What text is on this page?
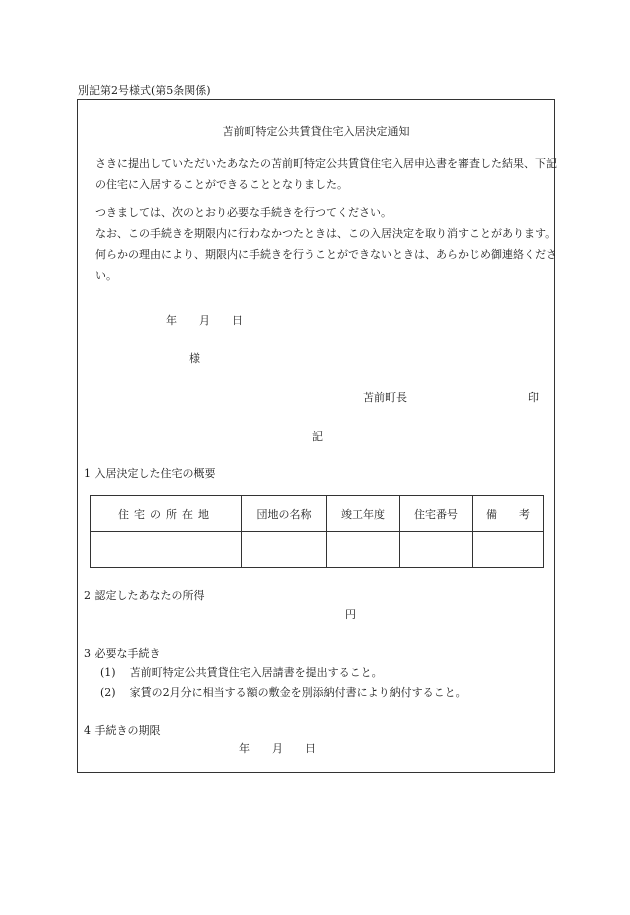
別記第2号様式(第5条関係)
苫前町特定公共賃貸住宅入居決定通知
さきに提出していただいたあなたの苫前町特定公共賃貸住宅入居申込書を審査した結果、下記の住宅に入居することができることとなりました。
つきましては、次のとおり必要な手続きを行つてください。
なお、この手続きを期限内に行わなかつたときは、この入居決定を取り消すことがあります。何らかの理由により、期限内に手続きを行うことができないときは、あらかじめ御連絡ください。
年 月 日
様
苫前町長	印
記
1 入居決定した住宅の概要
住宅の所在地	団地の名称	竣工年度	住宅番号	備　　考

2 認定したあなたの所得
円
3 必要な手続き
(1) 苫前町特定公共賃貸住宅入居請書を提出すること。
(2) 家賃の2月分に相当する額の敷金を別添納付書により納付すること。
4 手続きの期限
年 月 日
